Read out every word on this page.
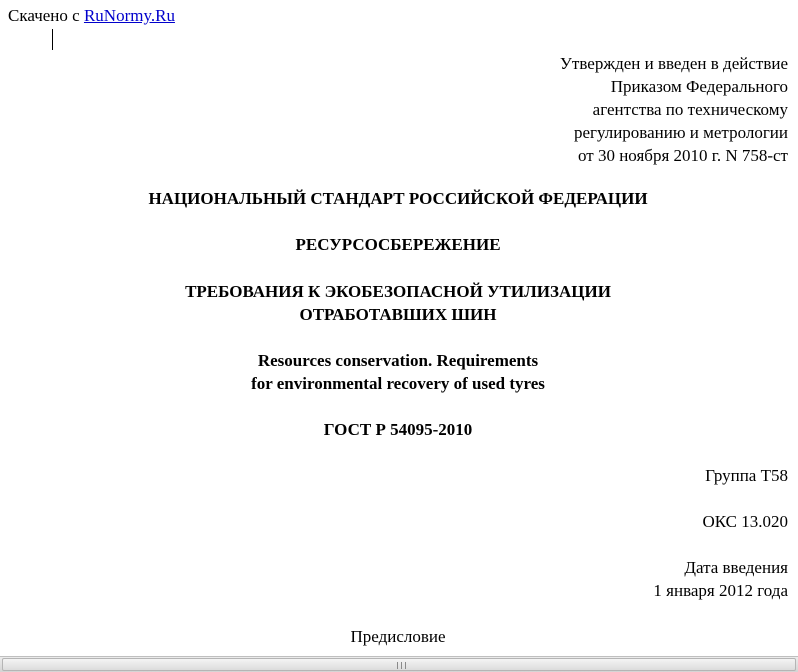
Скачено с RuNormy.Ru
Утвержден и введен в действие
Приказом Федерального
агентства по техническому
регулированию и метрологии
от 30 ноября 2010 г. N 758-ст
НАЦИОНАЛЬНЫЙ СТАНДАРТ РОССИЙСКОЙ ФЕДЕРАЦИИ
РЕСУРСОСБЕРЕЖЕНИЕ
ТРЕБОВАНИЯ К ЭКОБЕЗОПАСНОЙ УТИЛИЗАЦИИ
ОТРАБОТАВШИХ ШИН
Resources conservation. Requirements
for environmental recovery of used tyres
ГОСТ Р 54095-2010
Группа Т58
ОКС 13.020
Дата введения
1 января 2012 года
Предисловие
